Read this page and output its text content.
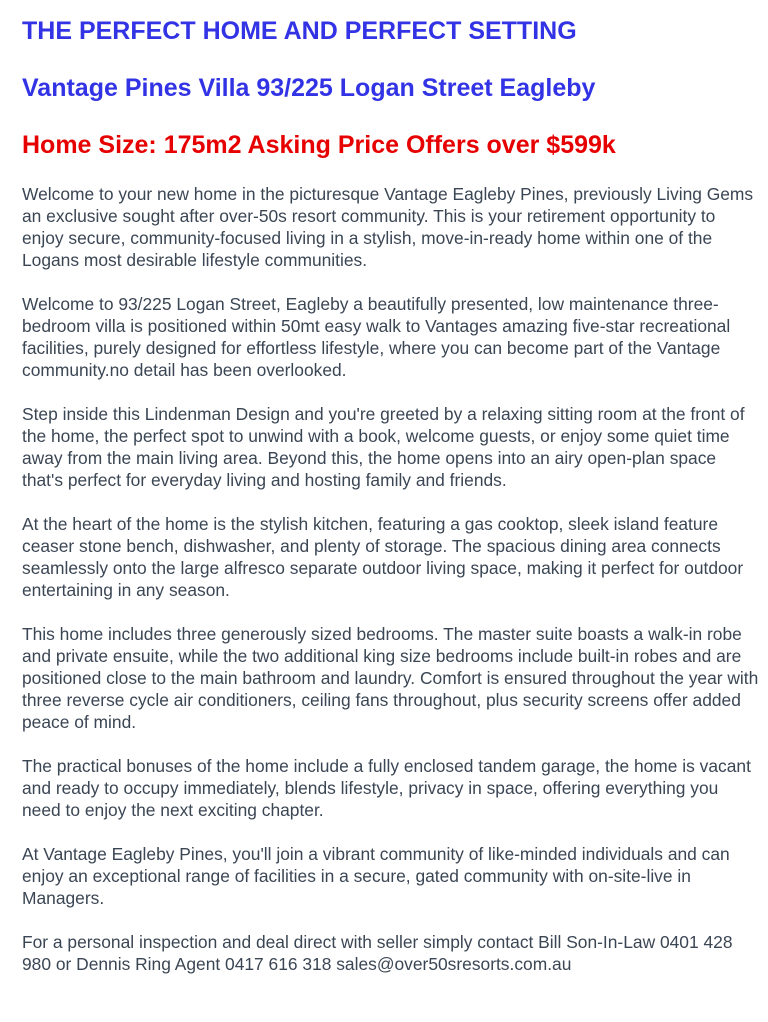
THE PERFECT HOME AND PERFECT SETTING
Vantage Pines Villa 93/225 Logan Street Eagleby
Home Size: 175m2 Asking Price Offers over $599k

Welcome to your new home in the picturesque Vantage Eagleby Pines, previously Living Gems an exclusive sought after over-50s resort community. This is your retirement opportunity to enjoy secure, community-focused living in a stylish, move-in-ready home within one of the Logans most desirable lifestyle communities.

Welcome to 93/225 Logan Street, Eagleby a beautifully presented, low maintenance three-bedroom villa is positioned within 50mt easy walk to Vantages amazing five-star recreational facilities, purely designed for effortless lifestyle, where you can become part of the Vantage community.no detail has been overlooked.

Step inside this Lindenman Design and you're greeted by a relaxing sitting room at the front of the home, the perfect spot to unwind with a book, welcome guests, or enjoy some quiet time away from the main living area. Beyond this, the home opens into an airy open-plan space that's perfect for everyday living and hosting family and friends.

At the heart of the home is the stylish kitchen, featuring a gas cooktop, sleek island feature ceaser stone bench, dishwasher, and plenty of storage. The spacious dining area connects seamlessly onto the large alfresco separate outdoor living space, making it perfect for outdoor entertaining in any season.

This home includes three generously sized bedrooms. The master suite boasts a walk-in robe and private ensuite, while the two additional king size bedrooms include built-in robes and are positioned close to the main bathroom and laundry. Comfort is ensured throughout the year with three reverse cycle air conditioners, ceiling fans throughout, plus security screens offer added peace of mind.

The practical bonuses of the home include a fully enclosed tandem garage, the home is vacant and ready to occupy immediately, blends lifestyle, privacy in space, offering everything you need to enjoy the next exciting chapter.

At Vantage Eagleby Pines, you'll join a vibrant community of like-minded individuals and can enjoy an exceptional range of facilities in a secure, gated community with on-site-live in Managers.

For a personal inspection and deal direct with seller simply contact Bill Son-In-Law 0401 428 980 or Dennis Ring Agent 0417 616 318 sales@over50sresorts.com.au
